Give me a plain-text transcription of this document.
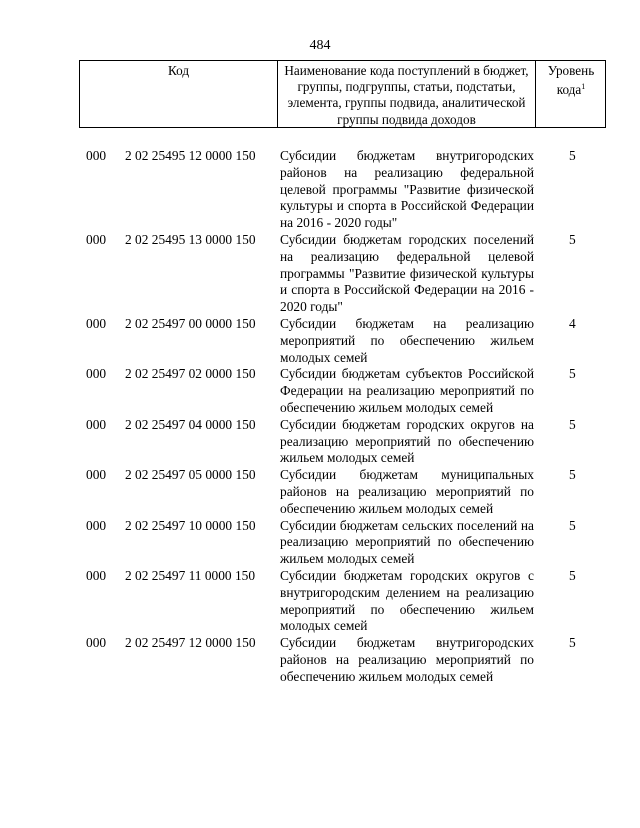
484
Код	Наименование кода поступлений в бюджет, группы, подгруппы, статьи, подстатьи, элемента, группы подвида, аналитической группы подвида доходов
Уровень кода$^1$
000 2 02 25495 12 0000 150 Субсидии бюджетам внутригородских районов на реализацию федеральной целевой программы "Развитие физической культуры и спорта в Российской Федерации на 2016 - 2020 годы"
5
000 2 02 25495 13 0000 150 Субсидии бюджетам городских поселений на реализацию федеральной целевой программы "Развитие физической культуры и спорта в Российской Федерации на 2016 - 2020 годы"
5
000 2 02 25497 00 0000 150 Субсидии бюджетам на реализацию мероприятий по обеспечению жильем молодых семей
4
000 2 02 25497 02 0000 150 Субсидии бюджетам субъектов Российской Федерации на реализацию мероприятий по обеспечению жильем молодых семей
5
000 2 02 25497 04 0000 150 Субсидии бюджетам городских округов на реализацию мероприятий по обеспечению жильем молодых семей
5
000 2 02 25497 05 0000 150 Субсидии бюджетам муниципальных районов на реализацию мероприятий по обеспечению жильем молодых семей
5
000 2 02 25497 10 0000 150 Субсидии бюджетам сельских поселений на реализацию мероприятий по обеспечению жильем молодых семей
5
000 2 02 25497 11 0000 150 Субсидии бюджетам городских округов с внутригородским делением на реализацию мероприятий по обеспечению жильем молодых семей
5
000 2 02 25497 12 0000 150 Субсидии бюджетам внутригородских районов на реализацию мероприятий по обеспечению жильем молодых семей
5
